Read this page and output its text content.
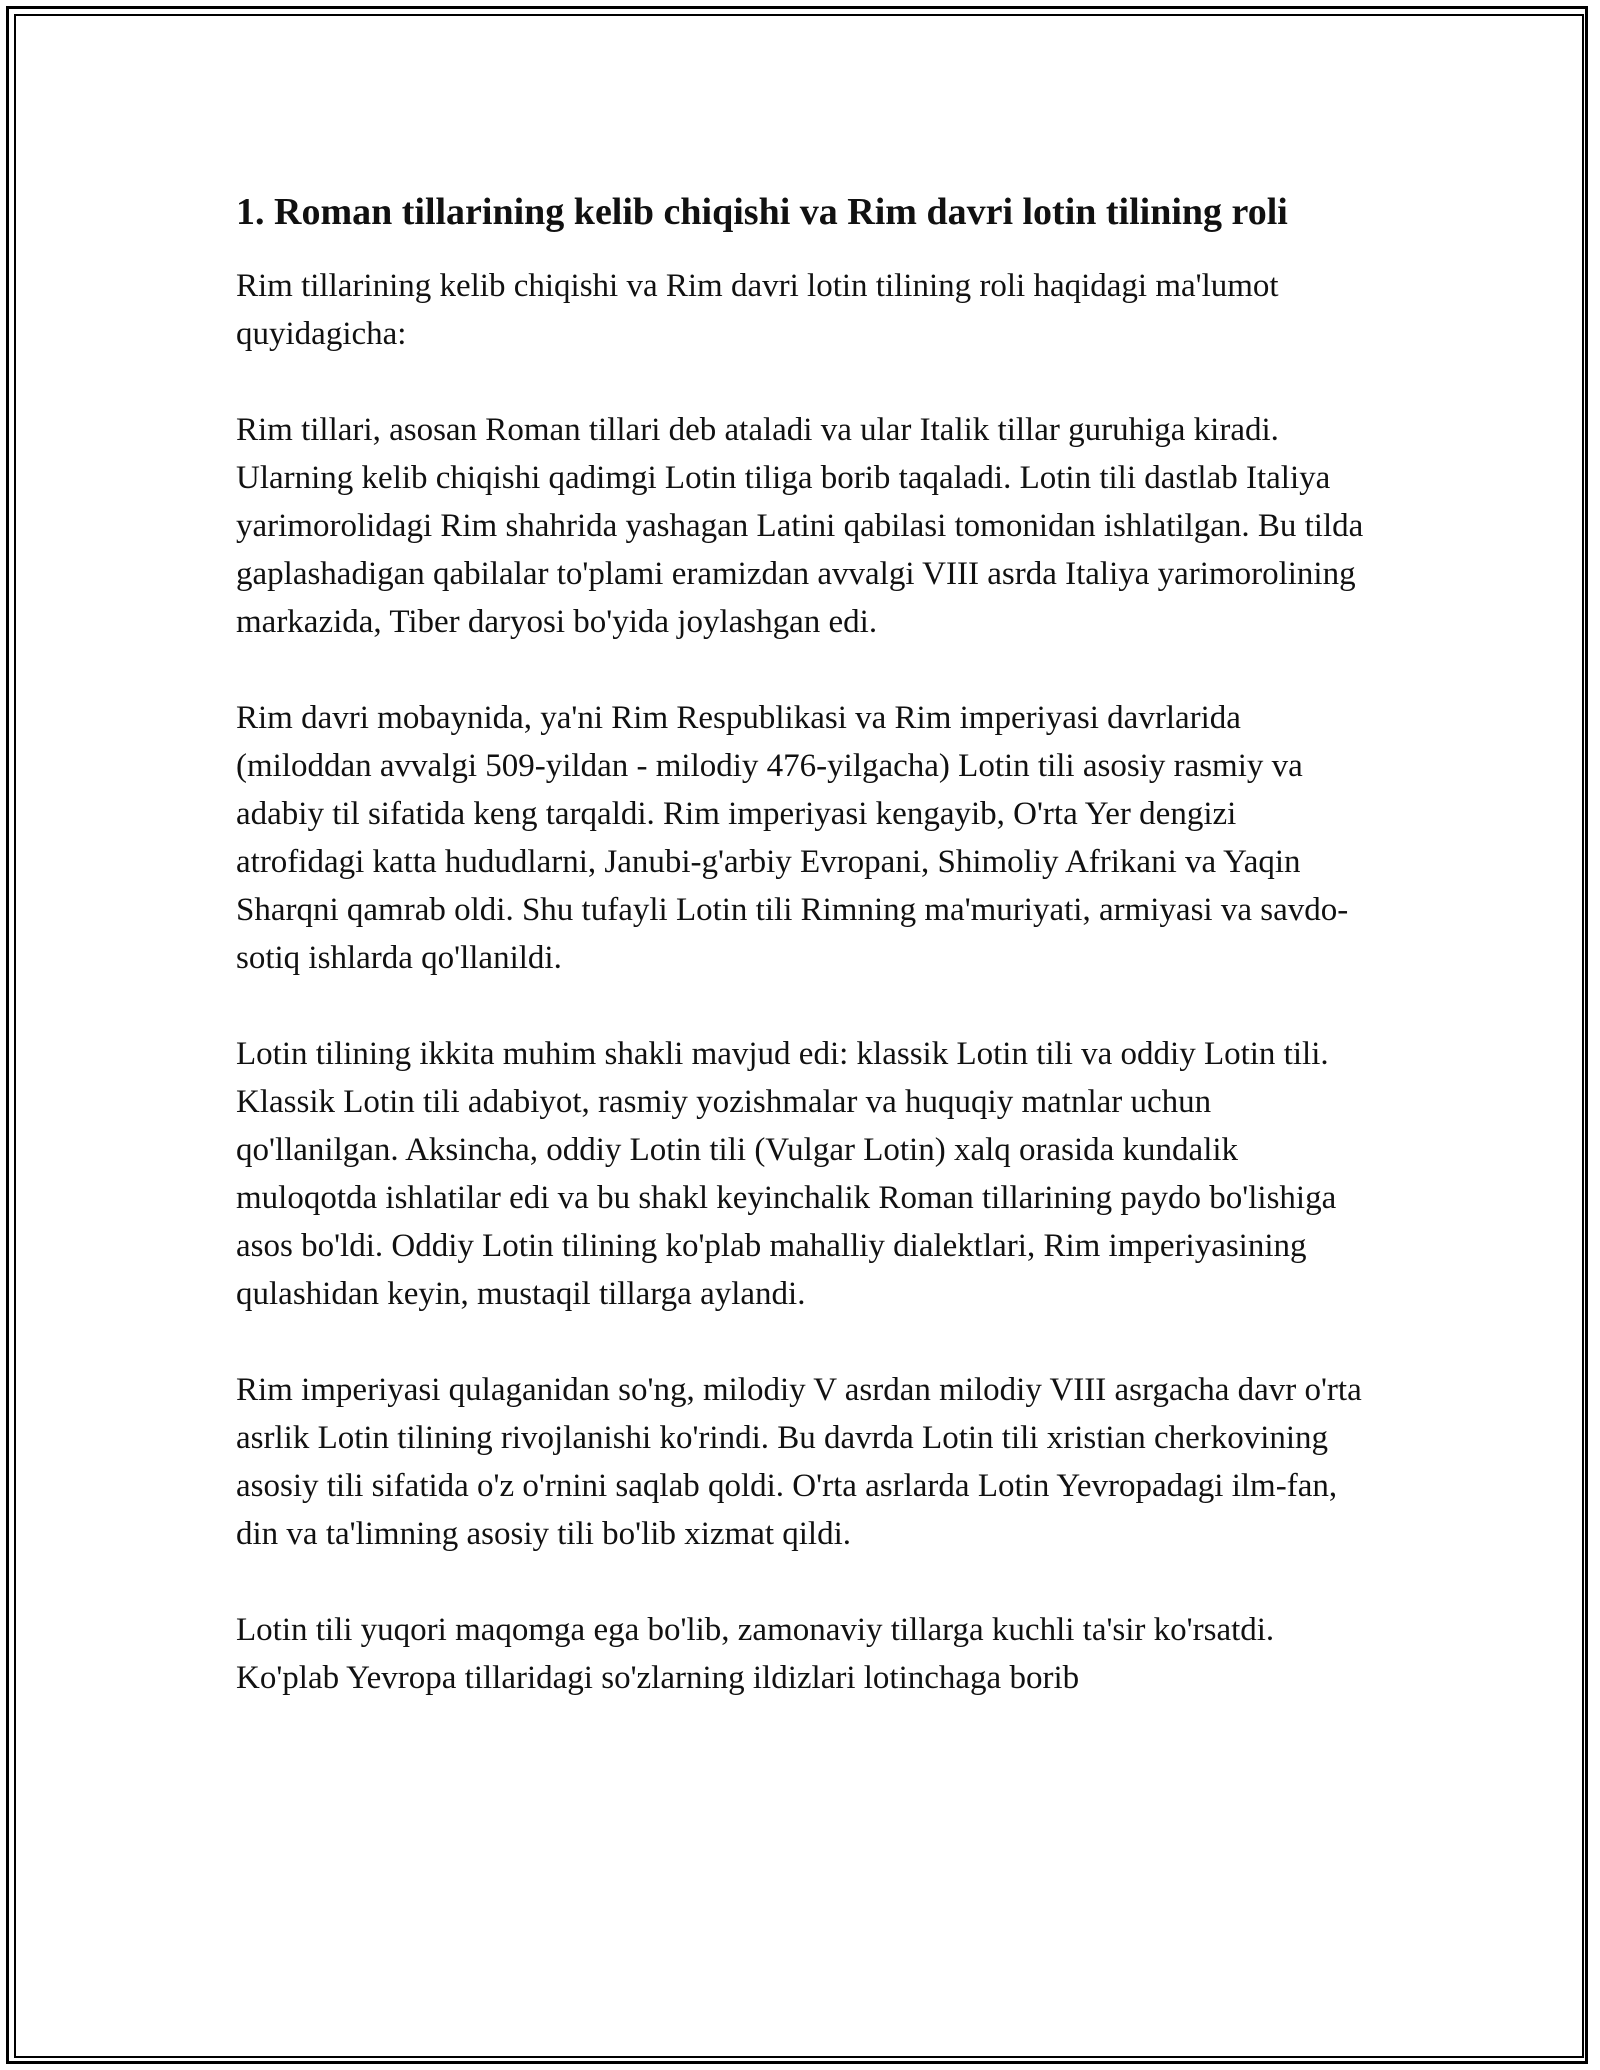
1. Roman tillarining kelib chiqishi va Rim davri lotin tilining roli

Rim tillarining kelib chiqishi va Rim davri lotin tilining roli haqidagi ma'lumot quyidagicha:

Rim tillari, asosan Roman tillari deb ataladi va ular Italik tillar guruhiga kiradi. Ularning kelib chiqishi qadimgi Lotin tiliga borib taqaladi. Lotin tili dastlab Italiya yarimorolidagi Rim shahrida yashagan Latini qabilasi tomonidan ishlatilgan. Bu tilda gaplashadigan qabilalar to'plami eramizdan avvalgi VIII asrda Italiya yarimorolining markazida, Tiber daryosi bo'yida joylashgan edi.

Rim davri mobaynida, ya'ni Rim Respublikasi va Rim imperiyasi davrlarida (miloddan avvalgi 509-yildan - milodiy 476-yilgacha) Lotin tili asosiy rasmiy va adabiy til sifatida keng tarqaldi. Rim imperiyasi kengayib, O'rta Yer dengizi atrofidagi katta hududlarni, Janubi-g'arbiy Evropani, Shimoliy Afrikani va Yaqin Sharqni qamrab oldi. Shu tufayli Lotin tili Rimning ma'muriyati, armiyasi va savdo-sotiq ishlarda qo'llanildi.

Lotin tilining ikkita muhim shakli mavjud edi: klassik Lotin tili va oddiy Lotin tili. Klassik Lotin tili adabiyot, rasmiy yozishmalar va huquqiy matnlar uchun qo'llanilgan. Aksincha, oddiy Lotin tili (Vulgar Lotin) xalq orasida kundalik muloqotda ishlatilar edi va bu shakl keyinchalik Roman tillarining paydo bo'lishiga asos bo'ldi. Oddiy Lotin tilining ko'plab mahalliy dialektlari, Rim imperiyasining qulashidan keyin, mustaqil tillarga aylandi.

Rim imperiyasi qulaganidan so'ng, milodiy V asrdan milodiy VIII asrgacha davr o'rta asrlik Lotin tilining rivojlanishi ko'rindi. Bu davrda Lotin tili xristian cherkovining asosiy tili sifatida o'z o'rnini saqlab qoldi. O'rta asrlarda Lotin Yevropadagi ilm-fan, din va ta'limning asosiy tili bo'lib xizmat qildi.

Lotin tili yuqori maqomga ega bo'lib, zamonaviy tillarga kuchli ta'sir ko'rsatdi. Ko'plab Yevropa tillaridagi so'zlarning ildizlari lotinchaga borib
